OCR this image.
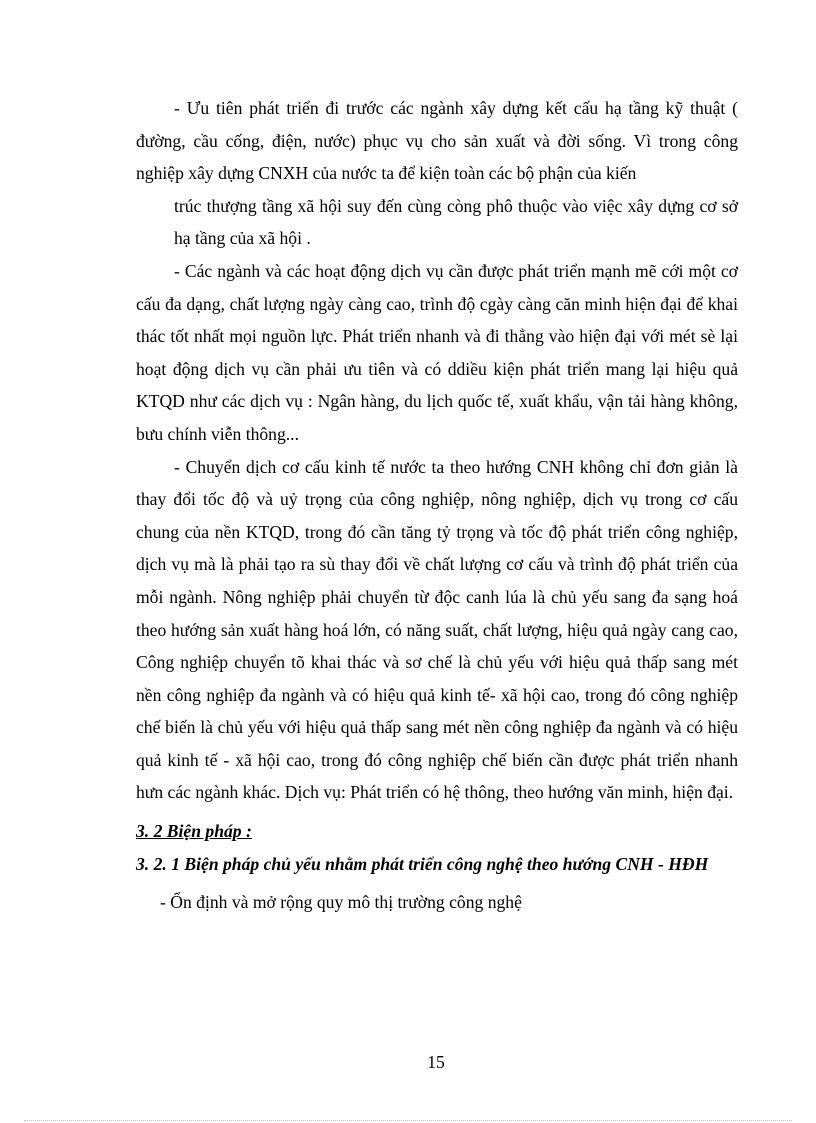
- Ưu tiên phát triển đi trước các ngành xây dựng kết cấu hạ tầng kỹ thuật ( đường, cầu cống, điện, nước) phục vụ cho sản xuất và đời sống. Vì trong công nghiệp xây dựng CNXH của nước ta để kiện toàn các bộ phận của kiến

trúc thượng tầng xã hội suy đến cùng còng phô thuộc vào việc xây dựng cơ sở hạ tầng của xã hội .

- Các ngành và các hoạt động dịch vụ cần được phát triển mạnh mẽ cới một cơ cấu đa dạng, chất lượng ngày càng cao, trình độ cgày càng căn minh hiện đại để khai thác tốt nhất mọi nguồn lực. Phát triển nhanh và đi thẳng vào hiện đại với mét sè lại hoạt động dịch vụ cần phải ưu tiên và có ddiều kiện phát triển mang lại hiệu quả KTQD như các dịch vụ : Ngân hàng, du lịch quốc tế, xuất khẩu, vận tải hàng không, bưu chính viễn thông...

- Chuyển dịch cơ cấu kinh tế nước ta theo hướng CNH không chỉ đơn giản là thay đổi tốc độ và uỷ trọng của công nghiệp, nông nghiệp, dịch vụ trong cơ cấu chung của nền KTQD, trong đó cần tăng tỷ trọng và tốc độ phát triển công nghiệp, dịch vụ mà là phải tạo ra sù thay đổi về chất lượng cơ cấu và trình độ phát triển của mỗi ngành. Nông nghiệp phải chuyển từ độc canh lúa là chủ yếu sang đa sạng hoá theo hướng sản xuất hàng hoá lớn, có năng suất, chất lượng, hiệu quả ngày cang cao, Công nghiệp chuyển tõ khai thác và sơ chế là chủ yếu với hiệu quả thấp sang mét nền công nghiệp đa ngành và có hiệu quả kinh tế- xã hội cao, trong đó công nghiệp chế biến là chủ yếu với hiệu quả thấp sang mét nền công nghiệp đa ngành và có hiệu quả kinh tế - xã hội cao, trong đó công nghiệp chế biến cần được phát triển nhanh hưn các ngành khác. Dịch vụ: Phát triển có hệ thông, theo hướng văn minh, hiện đại.

3. 2 Biện pháp :

3. 2. 1 Biện pháp chủ yếu nhằm phát triển công nghệ theo hướng CNH - HĐH

- Ổn định và mở rộng quy mô thị trường công nghệ

15
